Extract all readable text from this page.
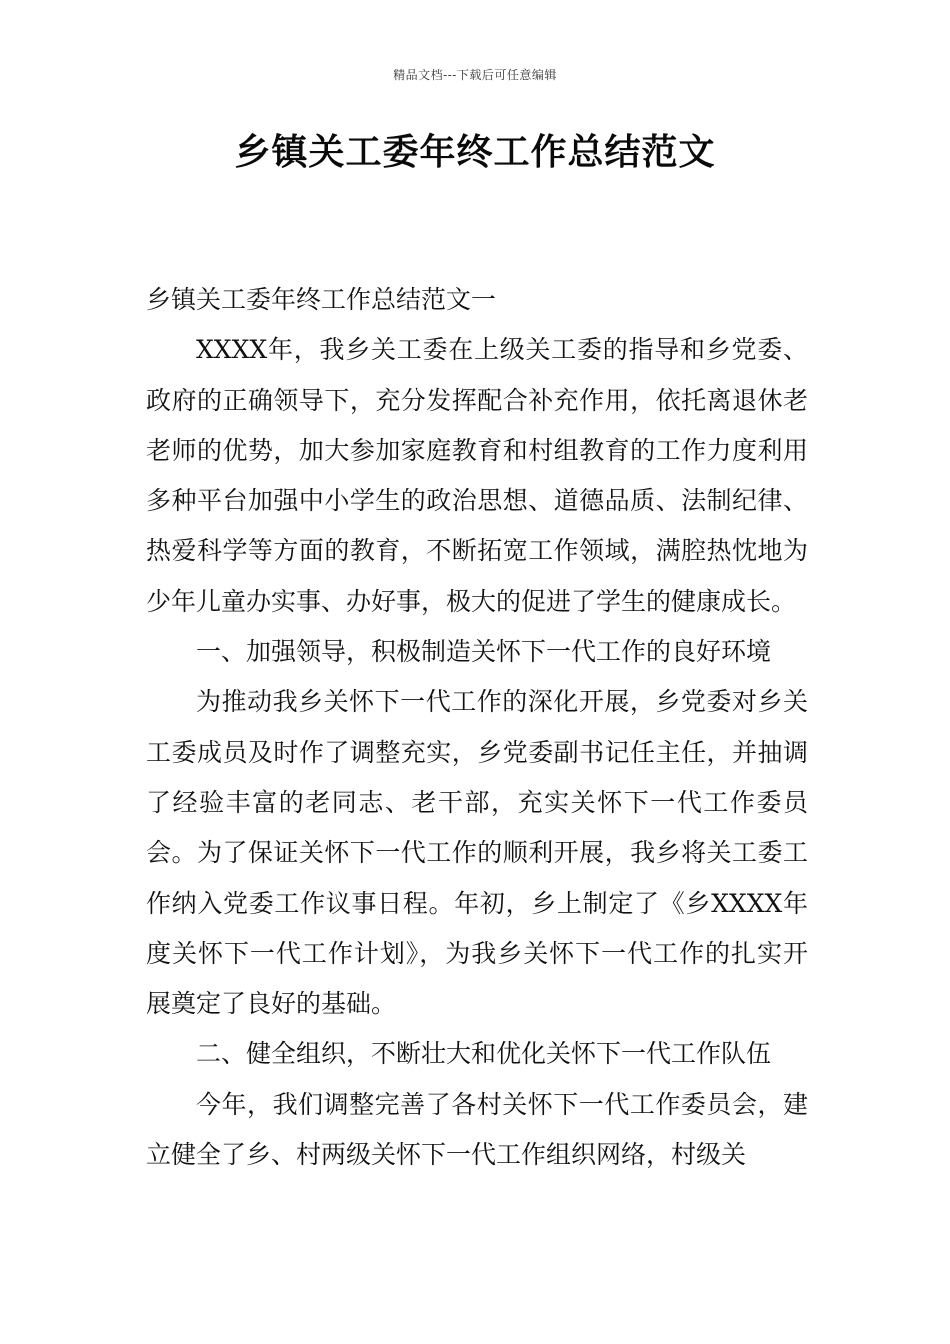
精品文档---下载后可任意编辑
乡镇关工委年终工作总结范文

乡镇关工委年终工作总结范文一

XXXX年，我乡关工委在上级关工委的指导和乡党委、政府的正确领导下，充分发挥配合补充作用，依托离退休老老师的优势，加大参加家庭教育和村组教育的工作力度利用多种平台加强中小学生的政治思想、道德品质、法制纪律、热爱科学等方面的教育，不断拓宽工作领域，满腔热忱地为少年儿童办实事、办好事，极大的促进了学生的健康成长。

一、加强领导，积极制造关怀下一代工作的良好环境

为推动我乡关怀下一代工作的深化开展，乡党委对乡关工委成员及时作了调整充实，乡党委副书记任主任，并抽调了经验丰富的老同志、老干部，充实关怀下一代工作委员会。为了保证关怀下一代工作的顺利开展，我乡将关工委工作纳入党委工作议事日程。年初，乡上制定了《乡XXXX年度关怀下一代工作计划》，为我乡关怀下一代工作的扎实开展奠定了良好的基础。

二、健全组织，不断壮大和优化关怀下一代工作队伍

今年，我们调整完善了各村关怀下一代工作委员会，建立健全了乡、村两级关怀下一代工作组织网络，村级关
